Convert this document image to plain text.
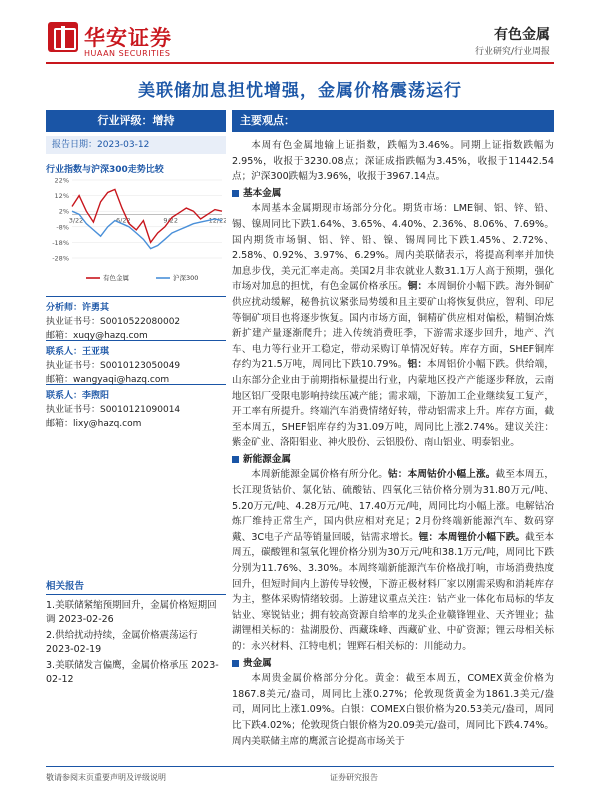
华安证券
HUAAN SECURITIES
有色金属
行业研究/行业周报
美联储加息担忧增强，金属价格震荡运行
行业评级：增持
报告日期：2023-03-12
行业指数与沪深300走势比较
22%
12%
2%
-8%
-18%
-28%
3/22	6/22	9/22	12/22
有色金属	沪深300
分析师：许勇其
执业证书号：S0010522080002
邮箱：xuqy@hazq.com
联系人：王亚琪
执业证书号：S0010123050049
邮箱：wangyaqi@hazq.com
联系人：李煦阳
执业证书号：S0010121090014
邮箱：lixy@hazq.com
相关报告
1.美联储紧缩预期回升，金属价格短期回调 2023-02-26
2.供给扰动持续，金属价格震荡运行 2023-02-19
3.美联储发言偏鹰，金属价格承压 2023-02-12
主要观点：

本周有色金属地输上证指数，跌幅为3.46%。同期上证指数跌幅为2.95%，收报于3230.08点；深证成指跌幅为3.45%，收报于11442.54点；沪深300跌幅为3.96%，收报于3967.14点。

基本金属

本周基本金属期现市场部分分化。期货市场：LME铜、铝、锌、铅、锡、镍周同比下跌1.64%、3.65%、4.40%、2.36%、8.06%、7.69%。国内期货市场铜、铝、锌、铅、镍、锡周同比下跌1.45%、2.72%、2.58%、0.92%、3.97%、6.29%。周内美联储表示，将提高利率并加快加息步伐，美元汇率走高。美国2月非农就业人数31.1万人高于预期，强化市场对加息的担忧，有色金属价格承压。铜：本周铜价小幅下跌。海外铜矿供应扰动缓解，秘鲁抗议紧张局势缓和且主要矿山将恢复供应，智利、印尼等铜矿项目也将逐步恢复。国内市场方面，铜精矿供应相对偏松，精铜冶炼新扩建产量逐渐爬升；进入传统消费旺季，下游需求逐步回升，地产、汽车、电力等行业开工稳定，带动采购订单情况好转。库存方面，SHEF铜库存约为21.5万吨，周同比下跌10.79%。铝：本周铝价小幅下跌。供给端，山东部分企业由于前期指标量提出行业，内蒙地区投产产能逐步释放，云南地区铝厂受限电影响持续压减产能；需求端，下游加工企业继续复工复产，开工率有所提升。终端汽车消费情绪好转，带动铝需求上升。库存方面，截至本周五，SHEF铝库存约为31.09万吨，周同比上涨2.74%。建议关注：紫金矿业、洛阳钼业、神火股份、云铝股份、南山铝业、明泰铝业。

新能源金属

本周新能源金属价格有所分化。钴：本周钴价小幅上涨。截至本周五，长江现货钴价、氯化钴、硫酸钴、四氧化三钴价格分别为31.80万元/吨、5.20万元/吨、4.28万元/吨、17.40万元/吨，周同比均小幅上涨。电解钴冶炼厂维持正常生产，国内供应相对充足；2月份终端新能源汽车、数码穿戴、3C电子产品等销量回暖，钴需求增长。锂：本周锂价小幅下跌。截至本周五，碳酸锂和氢氧化锂价格分别为30万元/吨和38.1万元/吨，周同比下跌分别为11.76%、3.30%。本周终端新能源汽车价格战打响，市场消费热度回升，但短时间内上游传导较慢，下游正极材料厂家以刚需采购和消耗库存为主，整体采购情绪较弱。上游建议重点关注：钴产业一体化布局标的华友钴业、寒锐钴业；拥有较高资源自给率的龙头企业赣锋锂业、天齐锂业；盐湖锂相关标的：盐湖股份、西藏珠峰、西藏矿业、中矿资源；锂云母相关标的：永兴材料、江特电机；锂辉石相关标的：川能动力。

贵金属

本周贵金属价格部分分化。黄金：截至本周五，COMEX黄金价格为1867.8美元/盎司，周同比上涨0.27%；伦敦现货黄金为1861.3美元/盎司，周同比上涨1.09%。白银：COMEX白银价格为20.53美元/盎司，周同比下跌4.02%；伦敦现货白银价格为20.09美元/盎司，周同比下跌4.74%。周内美联储主席的鹰派言论提高市场关于

敬请参阅末页重要声明及评级说明	证券研究报告
